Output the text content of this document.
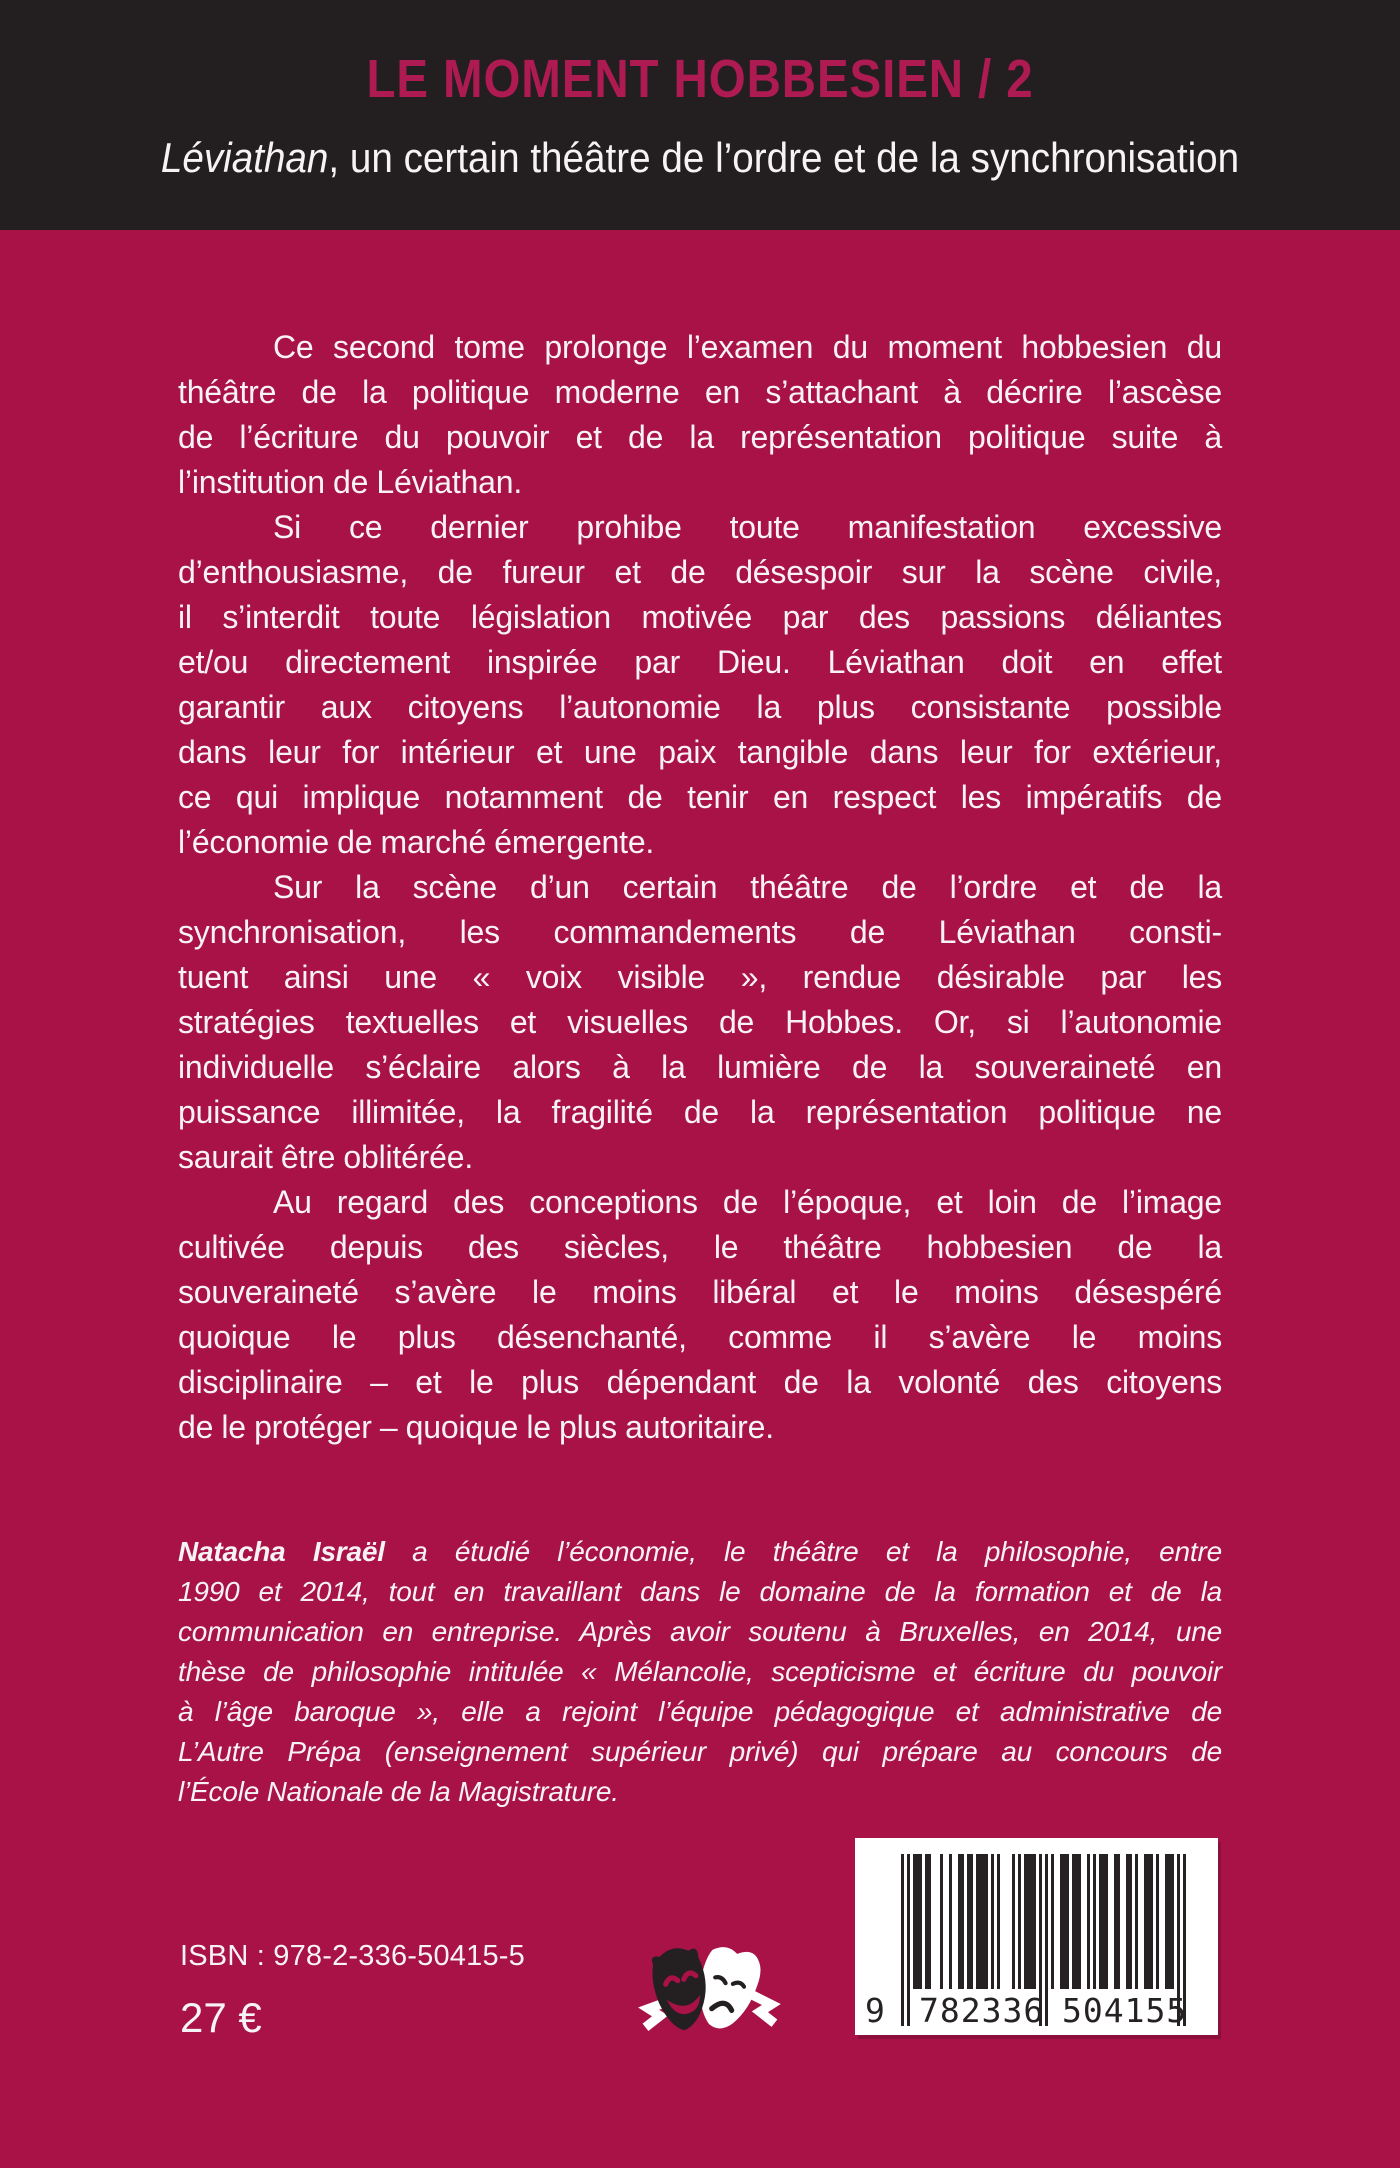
LE MOMENT HOBBESIEN / 2
Léviathan, un certain théâtre de l’ordre et de la synchronisation
Ce second tome prolonge l’examen du moment hobbesien du
théâtre de la politique moderne en s’attachant à décrire l’ascèse
de l’écriture du pouvoir et de la représentation politique suite à
l’institution de Léviathan.
Si ce dernier prohibe toute manifestation excessive
d’enthousiasme, de fureur et de désespoir sur la scène civile,
il s’interdit toute législation motivée par des passions déliantes
et/ou directement inspirée par Dieu. Léviathan doit en effet
garantir aux citoyens l’autonomie la plus consistante possible
dans leur for intérieur et une paix tangible dans leur for extérieur,
ce qui implique notamment de tenir en respect les impératifs de
l’économie de marché émergente.
Sur la scène d’un certain théâtre de l’ordre et de la
synchronisation, les commandements de Léviathan consti-
tuent ainsi une « voix visible », rendue désirable par les
stratégies textuelles et visuelles de Hobbes. Or, si l’autonomie
individuelle s’éclaire alors à la lumière de la souveraineté en
puissance illimitée, la fragilité de la représentation politique ne
saurait être oblitérée.
Au regard des conceptions de l’époque, et loin de l’image
cultivée depuis des siècles, le théâtre hobbesien de la
souveraineté s’avère le moins libéral et le moins désespéré
quoique le plus désenchanté, comme il s’avère le moins
disciplinaire – et le plus dépendant de la volonté des citoyens
de le protéger – quoique le plus autoritaire.
Natacha Israël a étudié l’économie, le théâtre et la philosophie, entre
1990 et 2014, tout en travaillant dans le domaine de la formation et de la
communication en entreprise. Après avoir soutenu à Bruxelles, en 2014, une
thèse de philosophie intitulée « Mélancolie, scepticisme et écriture du pouvoir
à l’âge baroque », elle a rejoint l’équipe pédagogique et administrative de
L’Autre Prépa (enseignement supérieur privé) qui prépare au concours de
l’École Nationale de la Magistrature.
ISBN : 978-2-336-50415-5
27 €	9 782336 504155
